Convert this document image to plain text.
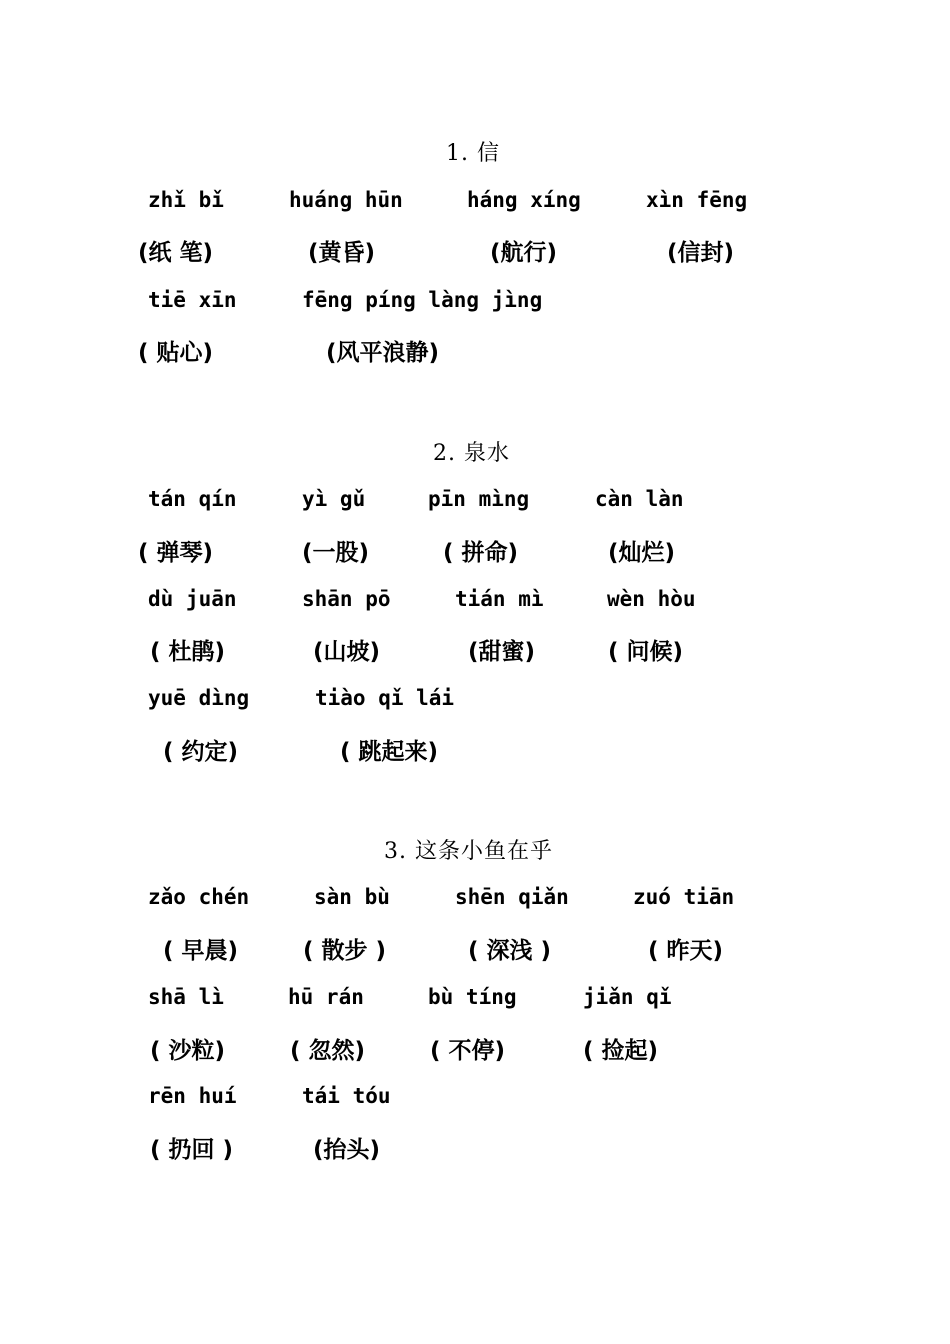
1. 信
zhǐ bǐ	huáng hūn	háng xíng	xìn fēng
(纸 笔)	(黄昏)	(航行)	(信封)
tiē xīn	fēng píng làng jìng
( 贴心)	(风平浪静)
2. 泉水
tán qín	yì gǔ	pīn mìng	càn làn
( 弹琴)	(一股)	( 拼命)	(灿烂)
dù juān	shān pō	tián mì	wèn hòu
( 杜鹃)	(山坡)	(甜蜜)	( 问候)
yuē dìng	tiào qǐ lái
( 约定)	( 跳起来)
3. 这条小鱼在乎
zǎo chén	sàn bù	shēn qiǎn	zuó tiān
( 早晨)	( 散步 )	( 深浅 )	( 昨天)
shā lì	hū rán	bù tíng	jiǎn qǐ
( 沙粒)	( 忽然)	( 不停)	( 捡起)
rēn huí	tái tóu
( 扔回 )	(抬头)
